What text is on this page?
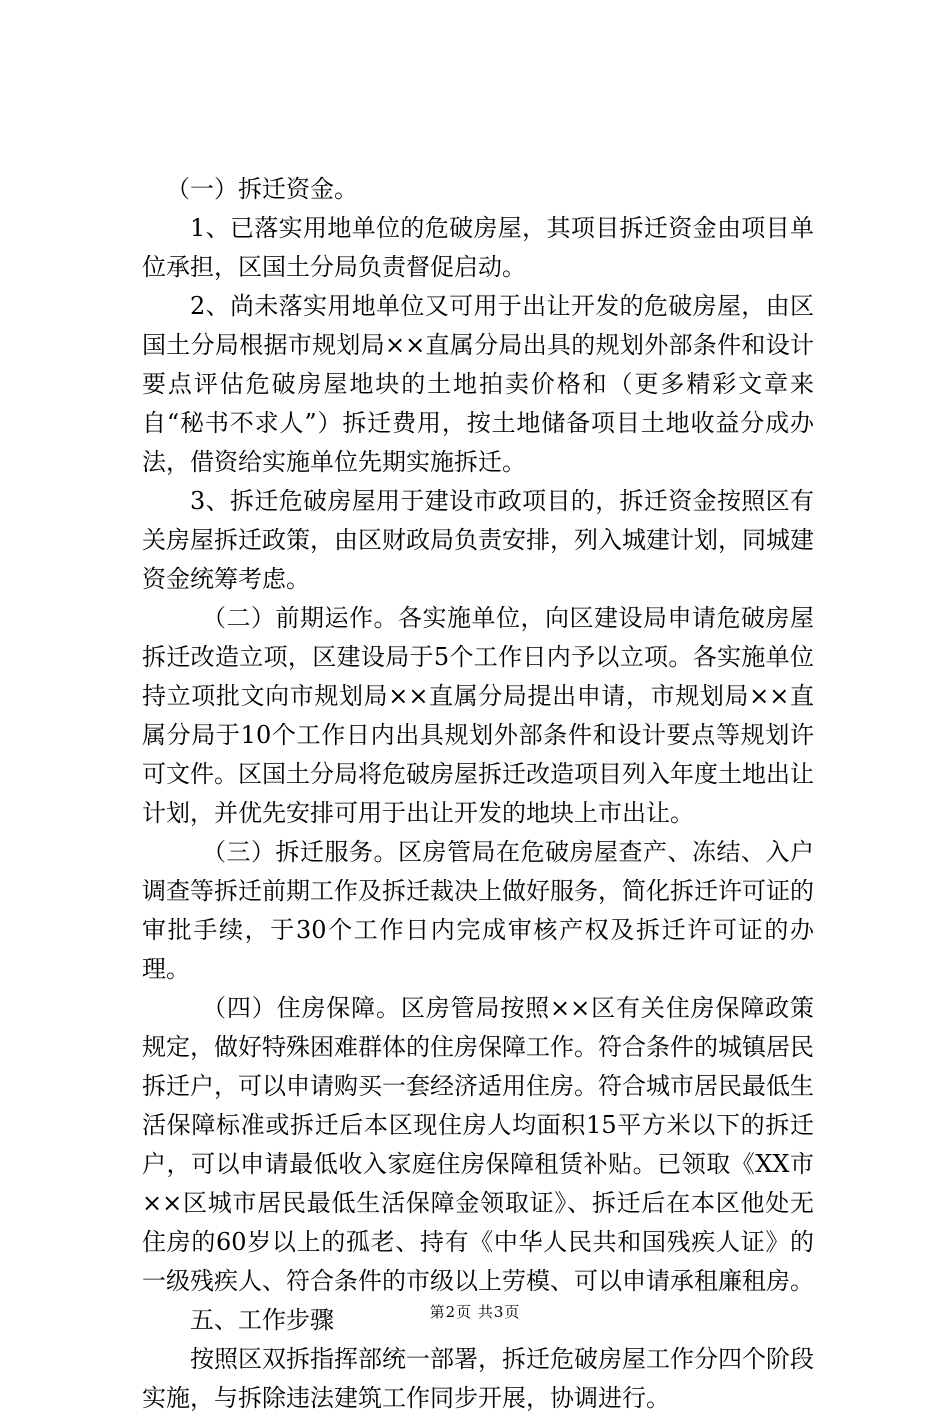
（一）拆迁资金。

1、已落实用地单位的危破房屋，其项目拆迁资金由项目单位承担，区国土分局负责督促启动。

2、尚未落实用地单位又可用于出让开发的危破房屋，由区国土分局根据市规划局××直属分局出具的规划外部条件和设计要点评估危破房屋地块的土地拍卖价格和（更多精彩文章来自“秘书不求人”）拆迁费用，按土地储备项目土地收益分成办法，借资给实施单位先期实施拆迁。

3、拆迁危破房屋用于建设市政项目的，拆迁资金按照区有关房屋拆迁政策，由区财政局负责安排，列入城建计划，同城建资金统筹考虑。

（二）前期运作。各实施单位，向区建设局申请危破房屋拆迁改造立项，区建设局于5个工作日内予以立项。各实施单位持立项批文向市规划局××直属分局提出申请，市规划局××直属分局于10个工作日内出具规划外部条件和设计要点等规划许可文件。区国土分局将危破房屋拆迁改造项目列入年度土地出让计划，并优先安排可用于出让开发的地块上市出让。

（三）拆迁服务。区房管局在危破房屋查产、冻结、入户调查等拆迁前期工作及拆迁裁决上做好服务，简化拆迁许可证的审批手续，于30个工作日内完成审核产权及拆迁许可证的办理。

（四）住房保障。区房管局按照××区有关住房保障政策规定，做好特殊困难群体的住房保障工作。符合条件的城镇居民拆迁户，可以申请购买一套经济适用住房。符合城市居民最低生活保障标准或拆迁后本区现住房人均面积15平方米以下的拆迁户，可以申请最低收入家庭住房保障租赁补贴。已领取《XX市××区城市居民最低生活保障金领取证》、拆迁后在本区他处无住房的60岁以上的孤老、持有《中华人民共和国残疾人证》的一级残疾人、符合条件的市级以上劳模、可以申请承租廉租房。

五、工作步骤

按照区双拆指挥部统一部署，拆迁危破房屋工作分四个阶段实施，与拆除违法建筑工作同步开展，协调进行。

第2页 共3页
